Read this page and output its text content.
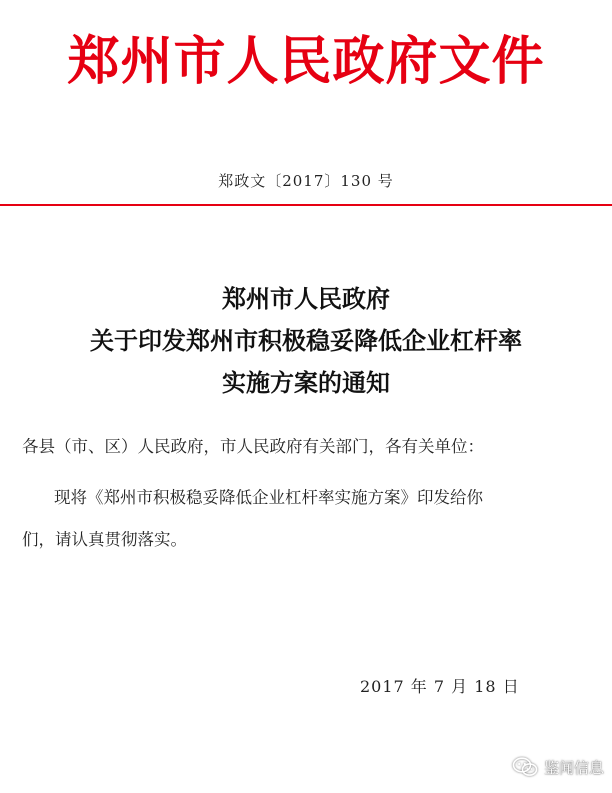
郑州市人民政府文件
郑政文〔2017〕130 号
郑州市人民政府
关于印发郑州市积极稳妥降低企业杠杆率
实施方案的通知
各县（市、区）人民政府，市人民政府有关部门，各有关单位：
现将《郑州市积极稳妥降低企业杠杆率实施方案》印发给你
们，请认真贯彻落实。
2017 年 7 月 18 日
鉴闻信息
